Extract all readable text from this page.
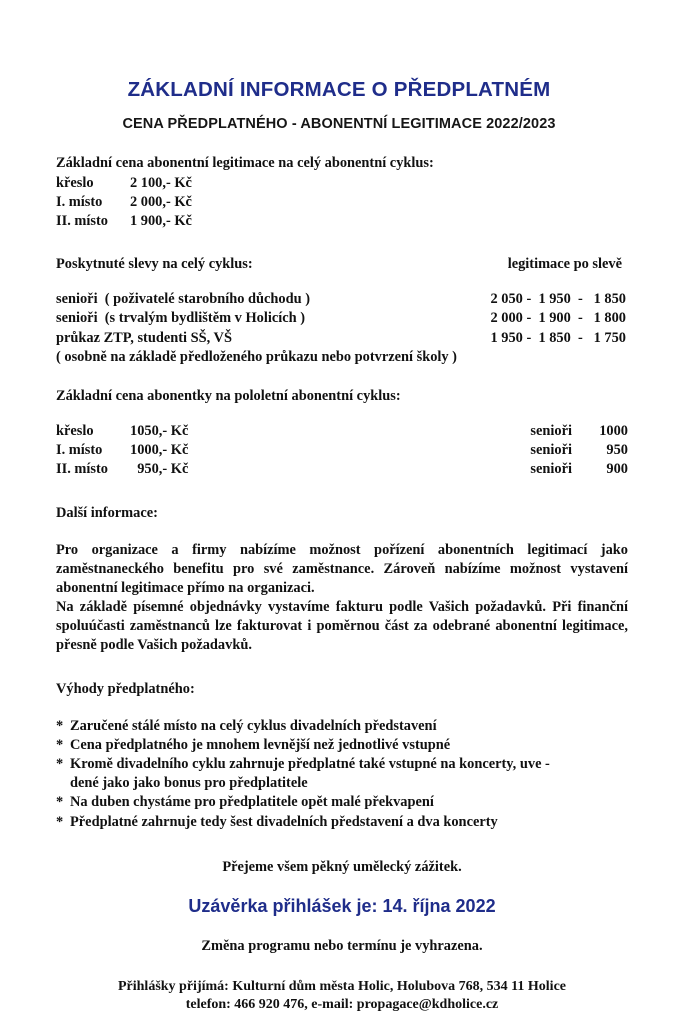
ZÁKLADNÍ INFORMACE O PŘEDPLATNÉM
CENA PŘEDPLATNÉHO - ABONENTNÍ LEGITIMACE 2022/2023

Základní cena abonentní legitimace na celý abonentní cyklus:

křeslo	2 100,- Kč
I. místo	2 000,- Kč
II. místo	1 900,- Kč
Poskytnuté slevy na celý cyklus:	legitimace po slevě
senioři  ( poživatelé starobního důchodu )	2 050 -  1 950  -   1 850
senioři  (s trvalým bydlištěm v Holicích )	2 000 -  1 900  -   1 800
průkaz ZTP, studenti SŠ, VŠ	1 950 -  1 850  -   1 750

( osobně na základě předloženého průkazu nebo potvrzení školy )

Základní cena abonentky na pololetní abonentní cyklus:

křeslo	1050,- Kč	senioři	1000
I. místo	1000,- Kč	senioři	950
II. místo	950,- Kč	senioři	900

Další informace:

Pro organizace a firmy nabízíme možnost pořízení abonentních legitimací jako zaměstnaneckého benefitu pro své zaměstnance. Zároveň nabízíme možnost vystavení abonentní legitimace přímo na organizaci.

Na základě písemné objednávky vystavíme fakturu podle Vašich požadavků. Při finanční spoluúčasti zaměstnanců lze fakturovat i poměrnou část za odebrané abonentní legitimace, přesně podle Vašich požadavků.

Výhody předplatného:

* Zaručené stálé místo na celý cyklus divadelních představení
* Cena předplatného je mnohem levnější než jednotlivé vstupné
* Kromě divadelního cyklu zahrnuje předplatné také vstupné na koncerty, uve -
dené jako jako bonus pro předplatitele
* Na duben chystáme pro předplatitele opět malé překvapení
* Předplatné zahrnuje tedy šest divadelních představení a dva koncerty

Přejeme všem pěkný umělecký zážitek.

Uzávěrka přihlášek je: 14. října 2022

Změna programu nebo termínu je vyhrazena.

Přihlášky přijímá: Kulturní dům města Holic, Holubova 768, 534 11 Holice

telefon: 466 920 476, e-mail: propagace@kdholice.cz
